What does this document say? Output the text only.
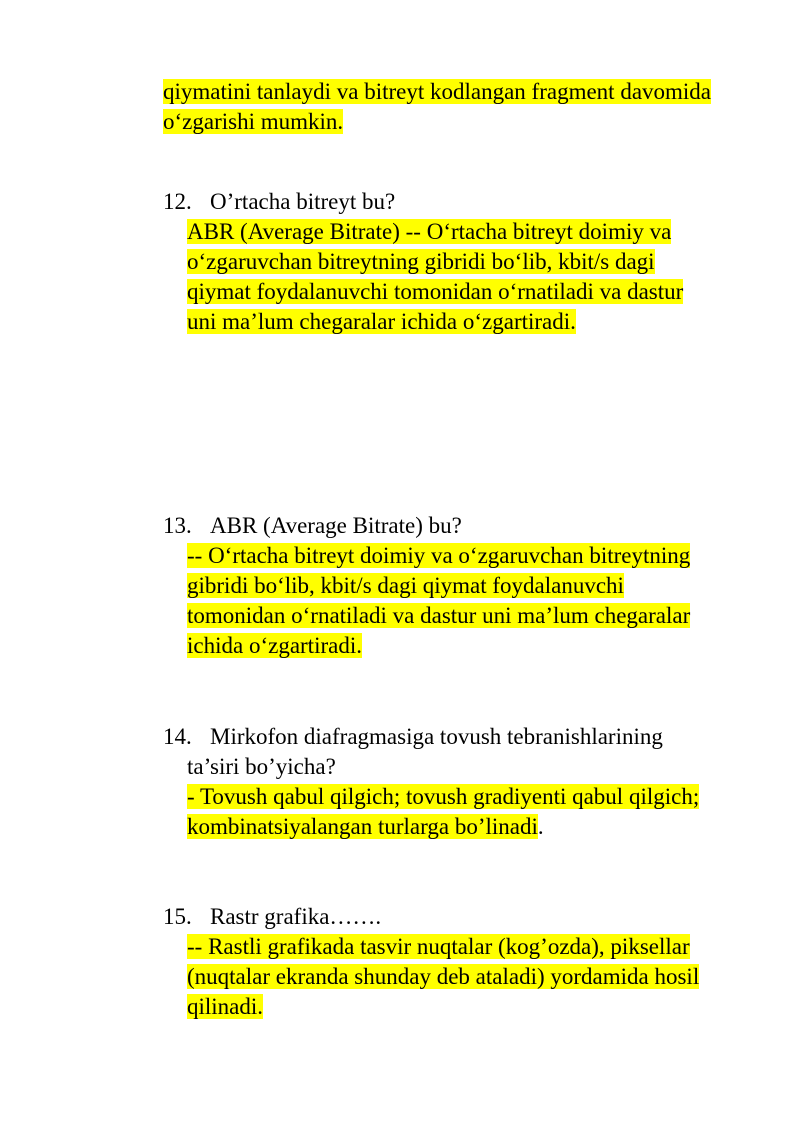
qiymatini tanlaydi va bitreyt kodlangan fragment davomida
o‘zgarishi mumkin.
12. O’rtacha bitreyt bu?
ABR (Average Bitrate) -- O‘rtacha bitreyt doimiy va
o‘zgaruvchan bitreytning gibridi bo‘lib, kbit/s dagi
qiymat foydalanuvchi tomonidan o‘rnatiladi va dastur
uni ma’lum chegaralar ichida o‘zgartiradi.
13. ABR (Average Bitrate) bu?
-- O‘rtacha bitreyt doimiy va o‘zgaruvchan bitreytning
gibridi bo‘lib, kbit/s dagi qiymat foydalanuvchi
tomonidan o‘rnatiladi va dastur uni ma’lum chegaralar
ichida o‘zgartiradi.
14. Mirkofon diafragmasiga tovush tebranishlarining
ta’siri bo’yicha?
- Tovush qabul qilgich; tovush gradiyenti qabul qilgich;
kombinatsiyalangan turlarga bo’linadi.
15. Rastr grafika…….
-- Rastli grafikada tasvir nuqtalar (kog’ozda), piksellar
(nuqtalar ekranda shunday deb ataladi) yordamida hosil
qilinadi.
